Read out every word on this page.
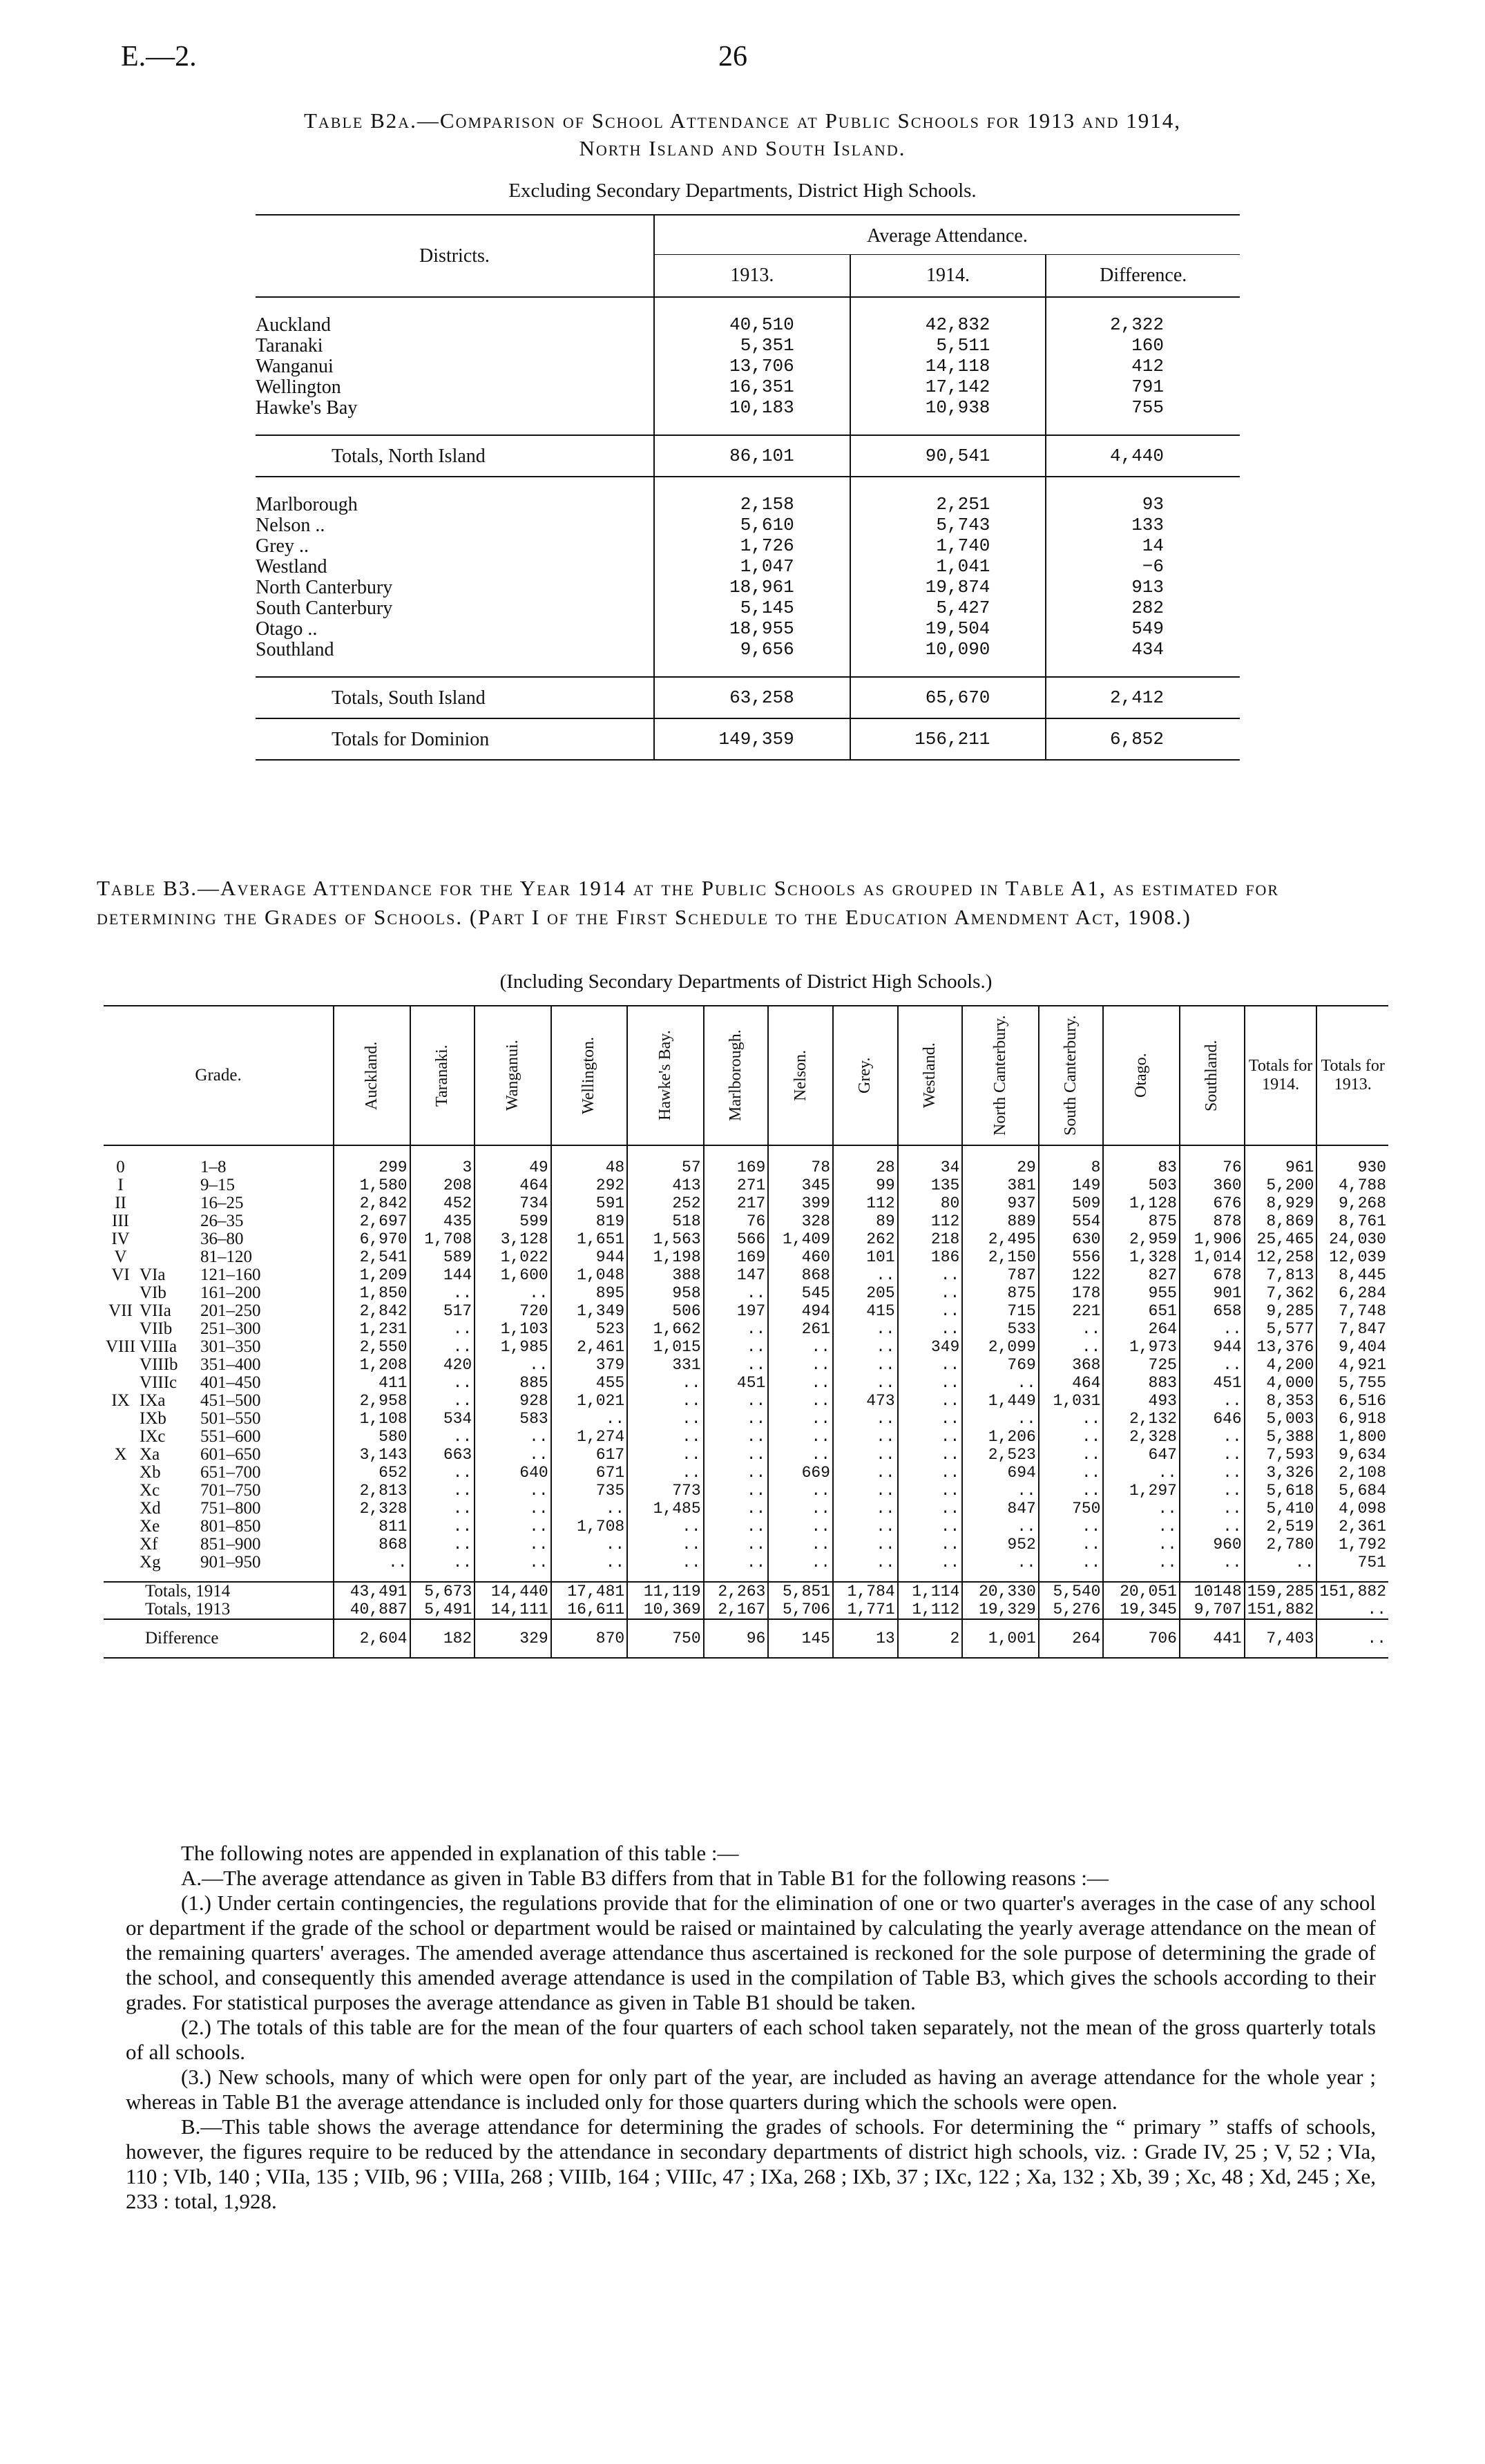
E.—2.	26
Table B2a.—Comparison of School Attendance at Public Schools for 1913 and 1914,
North Island and South Island.
Excluding Secondary Departments, District High Schools.
Districts.	Average Attendance.		
	1913.	1914.	Difference.

Auckland	40,510	42,832	2,322
Taranaki	5,351	5,511	160
Wanganui	13,706	14,118	412
Wellington	16,351	17,142	791
Hawke's Bay	10,183	10,938	755

Totals, North Island	86,101	90,541	4,440

Marlborough	2,158	2,251	93
Nelson ..	5,610	5,743	133
Grey ..	1,726	1,740	14
Westland	1,047	1,041	−6
North Canterbury	18,961	19,874	913
South Canterbury	5,145	5,427	282
Otago ..	18,955	19,504	549
Southland	9,656	10,090	434

Totals, South Island	63,258	65,670	2,412
Totals for Dominion	149,359	156,211	6,852
Table B3.—Average Attendance for the Year 1914 at the Public Schools as grouped in Table A1, as estimated for determining the Grades of Schools. (Part I of the First Schedule to the Education Amendment Act, 1908.)
(Including Secondary Departments of District High Schools.)
Grade.			Auckland.	Taranaki.	Wanganui.	Wellington.	Hawke's Bay.	Marlborough.	Nelson.	Grey.	Westland.	North Canterbury.	South Canterbury.	Otago.	Southland.	Totals for 1914.	Totals for 1913.

0		1–8	299	3	49	48	57	169	78	28	34	29	8	83	76	961	930
I		9–15	1,580	208	464	292	413	271	345	99	135	381	149	503	360	5,200	4,788
II		16–25	2,842	452	734	591	252	217	399	112	80	937	509	1,128	676	8,929	9,268
III		26–35	2,697	435	599	819	518	76	328	89	112	889	554	875	878	8,869	8,761
IV		36–80	6,970	1,708	3,128	1,651	1,563	566	1,409	262	218	2,495	630	2,959	1,906	25,465	24,030
V		81–120	2,541	589	1,022	944	1,198	169	460	101	186	2,150	556	1,328	1,014	12,258	12,039
VI	VIa	121–160	1,209	144	1,600	1,048	388	147	868	..	..	787	122	827	678	7,813	8,445
	VIb	161–200	1,850	..	..	895	958	..	545	205	..	875	178	955	901	7,362	6,284
VII	VIIa	201–250	2,842	517	720	1,349	506	197	494	415	..	715	221	651	658	9,285	7,748
	VIIb	251–300	1,231	..	1,103	523	1,662	..	261	..	..	533	..	264	..	5,577	7,847
VIII	VIIIa	301–350	2,550	..	1,985	2,461	1,015	..	..	..	349	2,099	..	1,973	944	13,376	9,404
	VIIIb	351–400	1,208	420	..	379	331	..	..	..	..	769	368	725	..	4,200	4,921
	VIIIc	401–450	411	..	885	455	..	451	..	..	..	..	464	883	451	4,000	5,755
IX	IXa	451–500	2,958	..	928	1,021	..	..	..	473	..	1,449	1,031	493	..	8,353	6,516
	IXb	501–550	1,108	534	583	..	..	..	..	..	..	..	..	2,132	646	5,003	6,918
	IXc	551–600	580	..	..	1,274	..	..	..	..	..	1,206	..	2,328	..	5,388	1,800
X	Xa	601–650	3,143	663	..	617	..	..	..	..	..	2,523	..	647	..	7,593	9,634
	Xb	651–700	652	..	640	671	..	..	669	..	..	694	..	..	..	3,326	2,108
	Xc	701–750	2,813	..	..	735	773	..	..	..	..	..	..	1,297	..	5,618	5,684
	Xd	751–800	2,328	..	..	..	1,485	..	..	..	..	847	750	..	..	5,410	4,098
	Xe	801–850	811	..	..	1,708	..	..	..	..	..	..	..	..	..	2,519	2,361
	Xf	851–900	868	..	..	..	..	..	..	..	..	952	..	..	960	2,780	1,792
	Xg	901–950	..	..	..	..	..	..	..	..	..	..	..	..	..	..	751

Totals, 1914			43,491	5,673	14,440	17,481	11,119	2,263	5,851	1,784	1,114	20,330	5,540	20,051	10148	159,285	151,882
Totals, 1913			40,887	5,491	14,111	16,611	10,369	2,167	5,706	1,771	1,112	19,329	5,276	19,345	9,707	151,882	..
Difference			2,604	182	329	870	750	96	145	13	2	1,001	264	706	441	7,403	..

The following notes are appended in explanation of this table :—

A.—The average attendance as given in Table B3 differs from that in Table B1 for the following reasons :—

(1.) Under certain contingencies, the regulations provide that for the elimination of one or two quarter's averages in the case of any school or department if the grade of the school or department would be raised or maintained by calculating the yearly average attendance on the mean of the remaining quarters' averages. The amended average attendance thus ascertained is reckoned for the sole purpose of determining the grade of the school, and consequently this amended average attendance is used in the compilation of Table B3, which gives the schools according to their grades. For statistical purposes the average attendance as given in Table B1 should be taken.

(2.) The totals of this table are for the mean of the four quarters of each school taken separately, not the mean of the gross quarterly totals of all schools.

(3.) New schools, many of which were open for only part of the year, are included as having an average attendance for the whole year ; whereas in Table B1 the average attendance is included only for those quarters during which the schools were open.

B.—This table shows the average attendance for determining the grades of schools. For determining the “ primary ” staffs of schools, however, the figures require to be reduced by the attendance in secondary departments of district high schools, viz. : Grade IV, 25 ; V, 52 ; VIa, 110 ; VIb, 140 ; VIIa, 135 ; VIIb, 96 ; VIIIa, 268 ; VIIIb, 164 ; VIIIc, 47 ; IXa, 268 ; IXb, 37 ; IXc, 122 ; Xa, 132 ; Xb, 39 ; Xc, 48 ; Xd, 245 ; Xe, 233 : total, 1,928.
